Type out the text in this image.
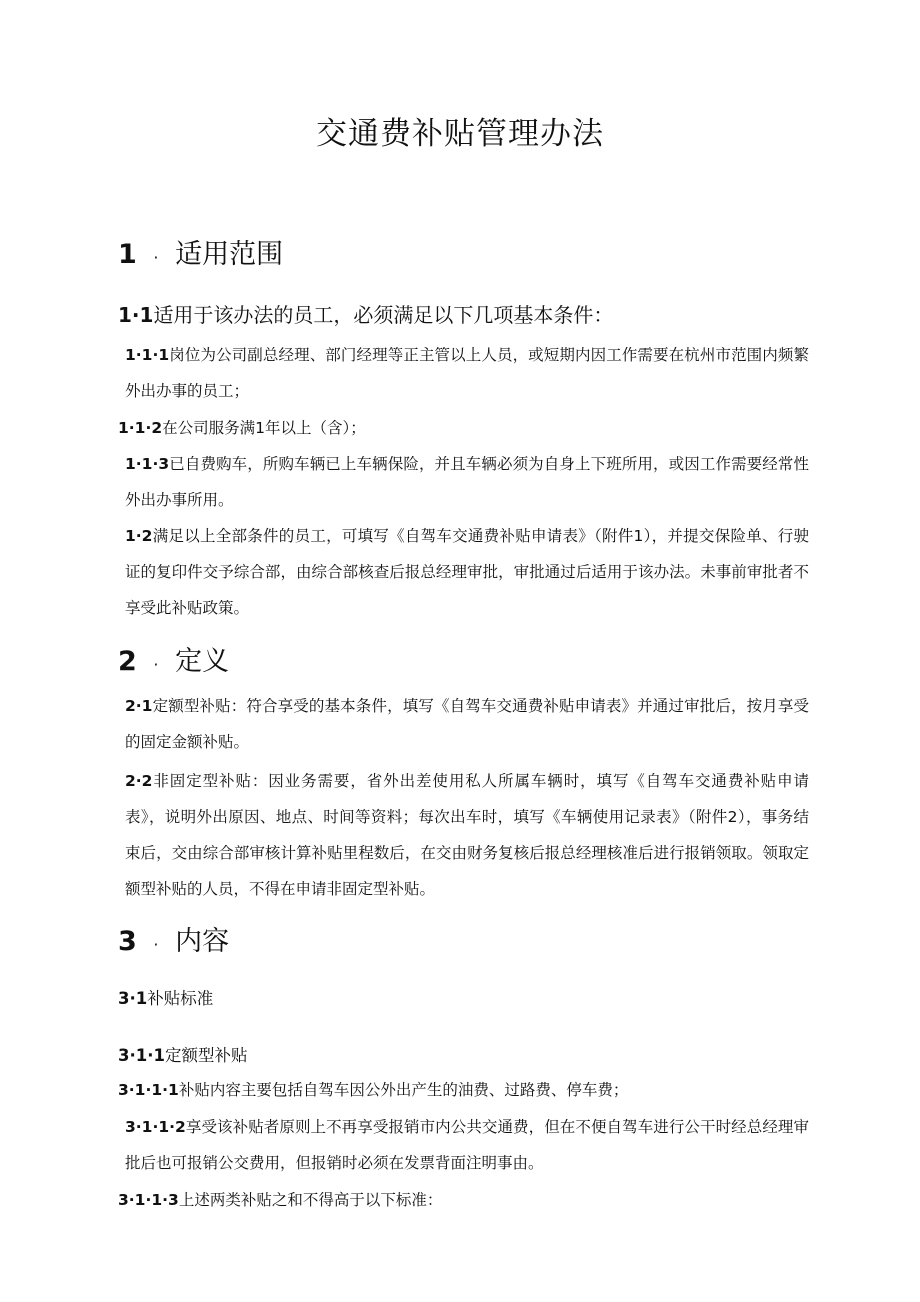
交通费补贴管理办法
1 · 适用范围
1·1适用于该办法的员工，必须满足以下几项基本条件：

1·1·1岗位为公司副总经理、部门经理等正主管以上人员，或短期内因工作需要在杭州市范围内频繁外出办事的员工；

1·1·2在公司服务满1年以上（含）；

1·1·3已自费购车，所购车辆已上车辆保险，并且车辆必须为自身上下班所用，或因工作需要经常性外出办事所用。

1·2满足以上全部条件的员工，可填写《自驾车交通费补贴申请表》（附件1），并提交保险单、行驶证的复印件交予综合部，由综合部核查后报总经理审批，审批通过后适用于该办法。未事前审批者不享受此补贴政策。

2 · 定义

2·1定额型补贴：符合享受的基本条件，填写《自驾车交通费补贴申请表》并通过审批后，按月享受的固定金额补贴。

2·2非固定型补贴：因业务需要，省外出差使用私人所属车辆时，填写《自驾车交通费补贴申请表》，说明外出原因、地点、时间等资料；每次出车时，填写《车辆使用记录表》（附件2），事务结束后，交由综合部审核计算补贴里程数后，在交由财务复核后报总经理核准后进行报销领取。领取定额型补贴的人员，不得在申请非固定型补贴。

3 · 内容
3·1补贴标准
3·1·1定额型补贴

3·1·1·1补贴内容主要包括自驾车因公外出产生的油费、过路费、停车费；

3·1·1·2享受该补贴者原则上不再享受报销市内公共交通费，但在不便自驾车进行公干时经总经理审批后也可报销公交费用，但报销时必须在发票背面注明事由。

3·1·1·3上述两类补贴之和不得高于以下标准：
